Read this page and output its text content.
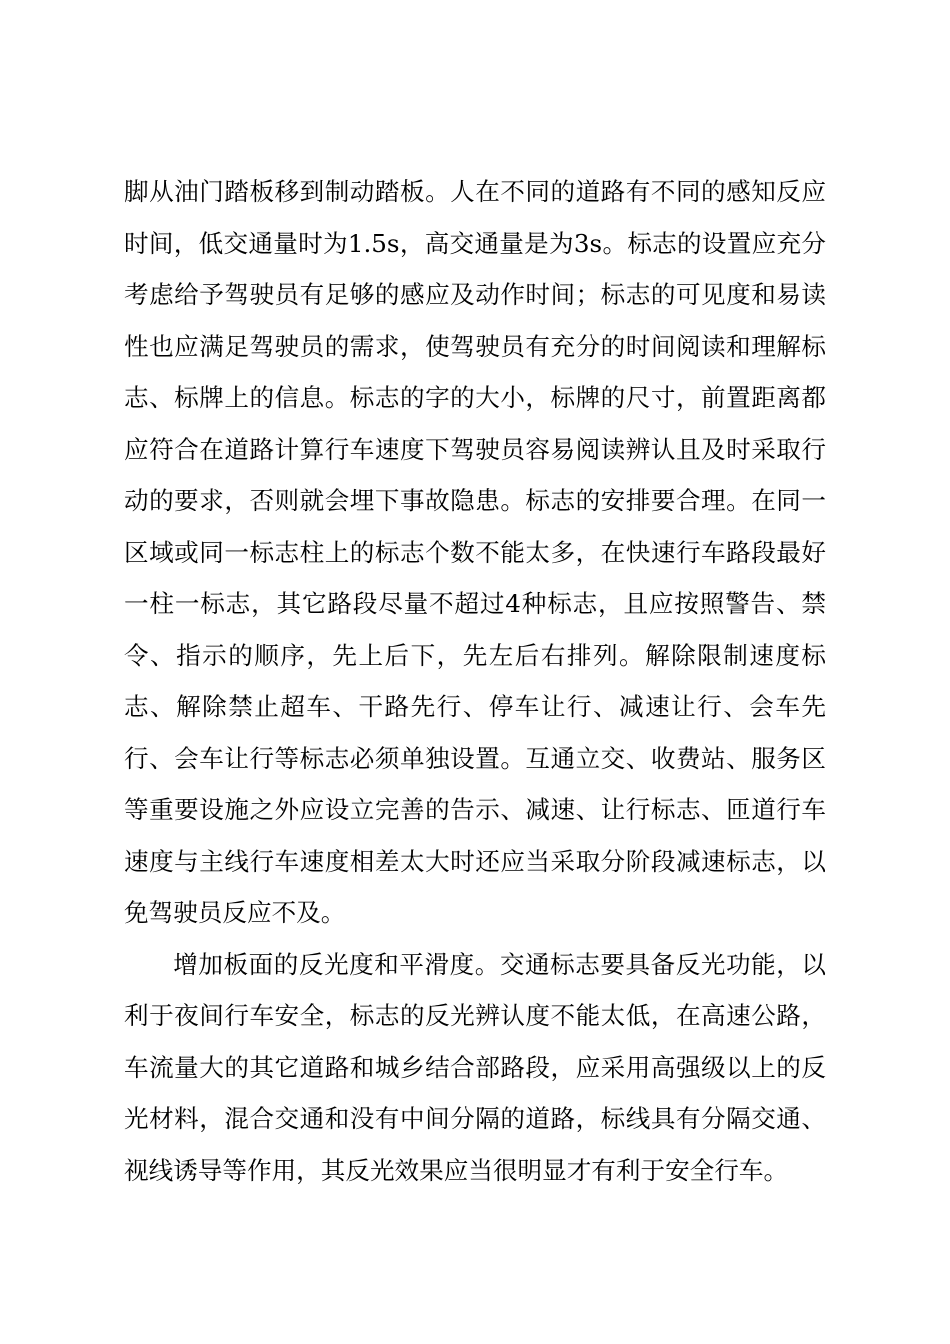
脚从油门踏板移到制动踏板。人在不同的道路有不同的感知反应时间，低交通量时为1.5s，高交通量是为3s。标志的设置应充分考虑给予驾驶员有足够的感应及动作时间；标志的可见度和易读性也应满足驾驶员的需求，使驾驶员有充分的时间阅读和理解标志、标牌上的信息。标志的字的大小，标牌的尺寸，前置距离都应符合在道路计算行车速度下驾驶员容易阅读辨认且及时采取行动的要求，否则就会埋下事故隐患。标志的安排要合理。在同一区域或同一标志柱上的标志个数不能太多，在快速行车路段最好一柱一标志，其它路段尽量不超过4种标志，且应按照警告、禁令、指示的顺序，先上后下，先左后右排列。解除限制速度标志、解除禁止超车、干路先行、停车让行、减速让行、会车先行、会车让行等标志必须单独设置。互通立交、收费站、服务区等重要设施之外应设立完善的告示、减速、让行标志、匝道行车速度与主线行车速度相差太大时还应当采取分阶段减速标志，以免驾驶员反应不及。

增加板面的反光度和平滑度。交通标志要具备反光功能，以利于夜间行车安全，标志的反光辨认度不能太低，在高速公路，车流量大的其它道路和城乡结合部路段，应采用高强级以上的反光材料，混合交通和没有中间分隔的道路，标线具有分隔交通、视线诱导等作用，其反光效果应当很明显才有利于安全行车。
